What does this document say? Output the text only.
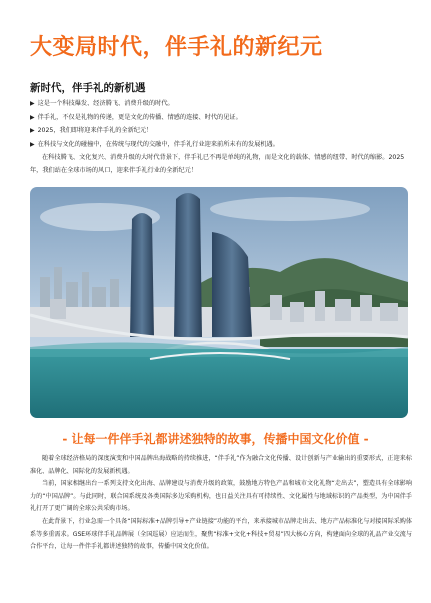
大变局时代，伴手礼的新纪元
新时代，伴手礼的新机遇
▶ 这是一个科技爆发、经济腾飞、消费升级的时代。
▶ 伴手礼，不仅是礼物的传递，更是文化的传播、情感的连接、时代的见证。
▶ 2025，我们即将迎来伴手礼的全新纪元！
▶ 在科技与文化的碰撞中，在传统与现代的交融中，伴手礼行业迎来前所未有的发展机遇。
在科技腾飞、文化复兴、消费升级的大时代背景下，伴手礼已不再是单纯的礼物，而是文化的载体、情感的纽带、时代的缩影。2025年，我们站在全球市场的风口，迎来伴手礼行业的全新纪元！
- 让每一件伴手礼都讲述独特的故事，传播中国文化价值 -

随着全球经济格局的深度演变和中国品牌出海战略的持续推进，“伴手礼”作为融合文化传播、设计创新与产业输出的重要形式，正迎来标准化、品牌化、国际化的发展新机遇。

当前，国家相继出台一系列支持文化出海、品牌建设与消费升级的政策，鼓励地方特色产品和城市文化礼物“走出去”，塑造具有全球影响力的“中国品牌”。与此同时，联合国系统及各类国际多边采购机构，也日益关注具有可持续性、文化属性与地域标识的产品类型，为中国伴手礼打开了更广阔的全球公共采购市场。

在此背景下，行业急需一个具备“国际标准+品牌引导+产业链接”功能的平台，来承接城市品牌走出去、地方产品标准化与对接国际采购体系等多重需求。GSE环球伴手礼品牌展（全国巡展）应运而生，聚焦“标准+文化+科技+贸易”四大核心方向，构建面向全球的礼品产业交流与合作平台，让每一件伴手礼都讲述独特的故事，传播中国文化价值。
